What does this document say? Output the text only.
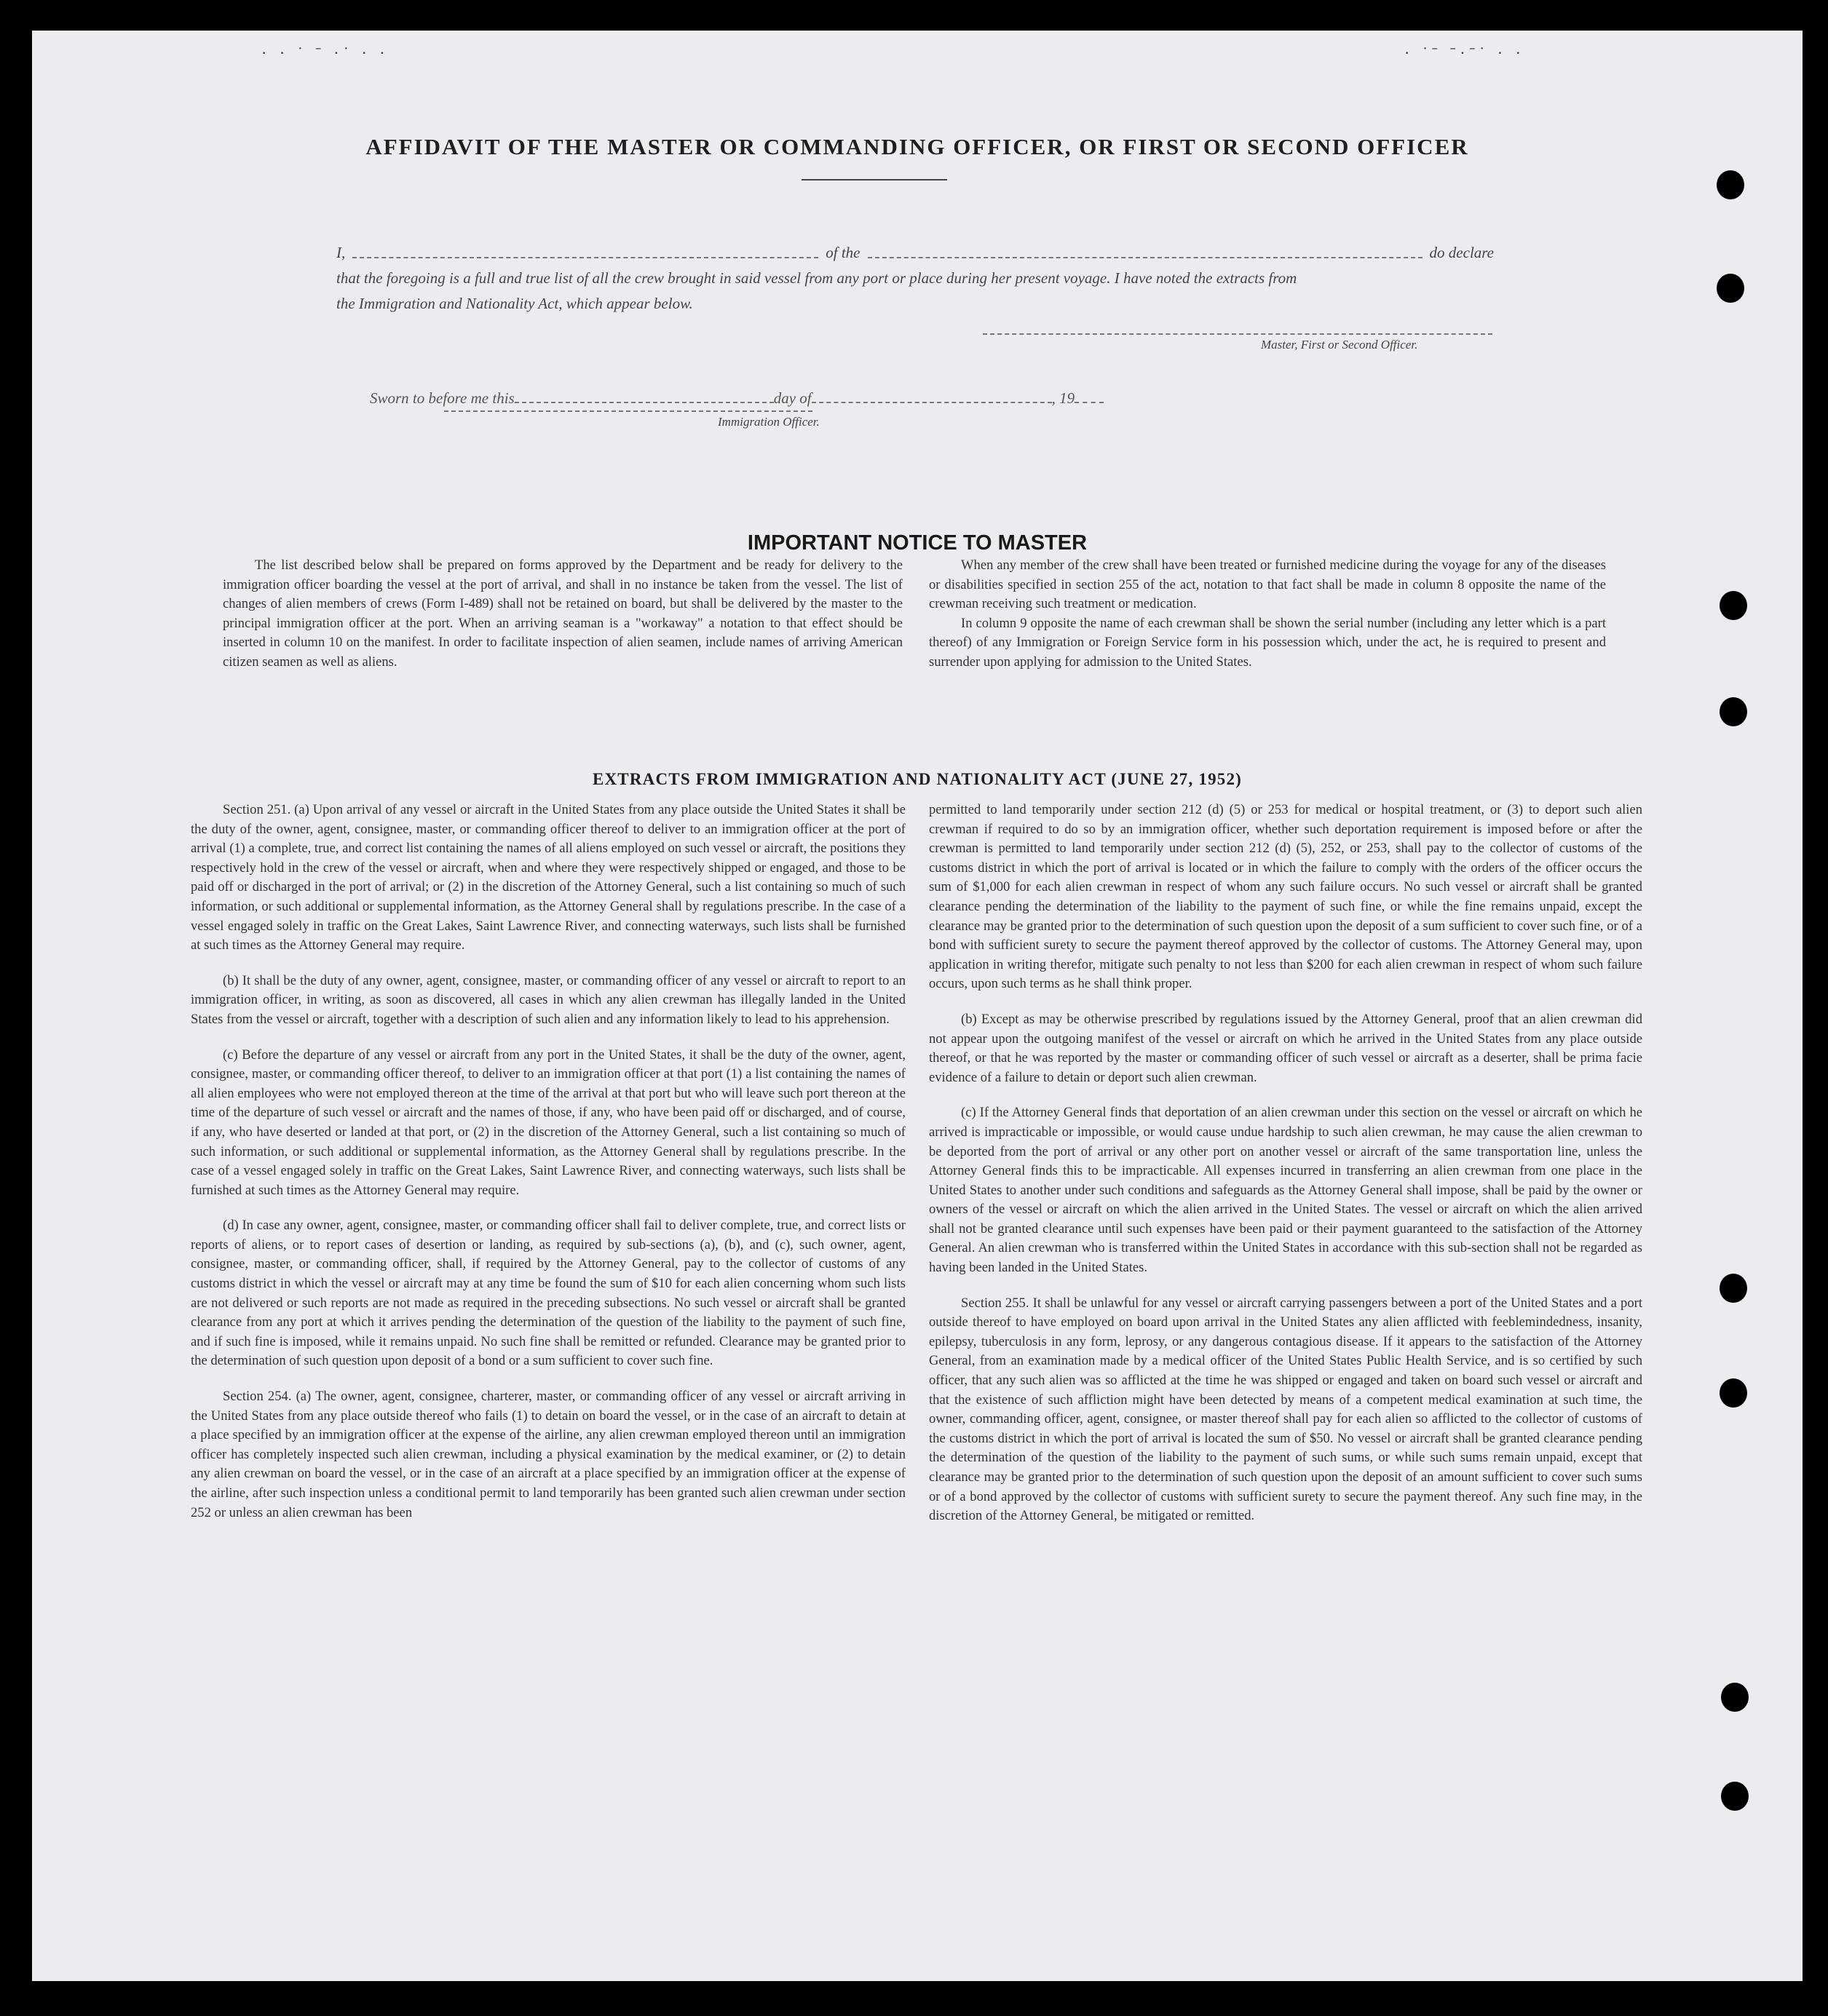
· · ˙ ˉ ·˙ · ·	· ˙ˉ ˉ·ˉ˙ · ·
AFFIDAVIT OF THE MASTER OR COMMANDING OFFICER, OR FIRST OR SECOND OFFICER
I,	of the	do declare
that the foregoing is a full and true list of all the crew brought in said vessel from any port or place during her present voyage. I have noted the extracts from
the Immigration and Nationality Act, which appear below.
Master, First or Second Officer.
Sworn to before me this	day of	, 19
Immigration Officer.
IMPORTANT NOTICE TO MASTER

The list described below shall be prepared on forms approved by the Department and be ready for delivery to the immigration officer boarding the vessel at the port of arrival, and shall in no instance be taken from the vessel. The list of changes of alien members of crews (Form I-489) shall not be retained on board, but shall be delivered by the master to the principal immigration officer at the port. When an arriving seaman is a "workaway" a notation to that effect should be inserted in column 10 on the manifest. In order to facilitate inspection of alien seamen, include names of arriving American citizen seamen as well as aliens.

When any member of the crew shall have been treated or furnished medicine during the voyage for any of the diseases or disabilities specified in section 255 of the act, notation to that fact shall be made in column 8 opposite the name of the crewman receiving such treatment or medication.

In column 9 opposite the name of each crewman shall be shown the serial number (including any letter which is a part thereof) of any Immigration or Foreign Service form in his possession which, under the act, he is required to present and surrender upon applying for admission to the United States.

EXTRACTS FROM IMMIGRATION AND NATIONALITY ACT (JUNE 27, 1952)

Section 251. (a) Upon arrival of any vessel or aircraft in the United States from any place outside the United States it shall be the duty of the owner, agent, consignee, master, or commanding officer thereof to deliver to an immigration officer at the port of arrival (1) a complete, true, and correct list containing the names of all aliens employed on such vessel or aircraft, the positions they respectively hold in the crew of the vessel or aircraft, when and where they were respectively shipped or engaged, and those to be paid off or discharged in the port of arrival; or (2) in the discretion of the Attorney General, such a list containing so much of such information, or such additional or supplemental information, as the Attorney General shall by regulations prescribe. In the case of a vessel engaged solely in traffic on the Great Lakes, Saint Lawrence River, and connecting waterways, such lists shall be furnished at such times as the Attorney General may require.

(b) It shall be the duty of any owner, agent, consignee, master, or commanding officer of any vessel or aircraft to report to an immigration officer, in writing, as soon as discovered, all cases in which any alien crewman has illegally landed in the United States from the vessel or aircraft, together with a description of such alien and any information likely to lead to his apprehension.

(c) Before the departure of any vessel or aircraft from any port in the United States, it shall be the duty of the owner, agent, consignee, master, or commanding officer thereof, to deliver to an immigration officer at that port (1) a list containing the names of all alien employees who were not employed thereon at the time of the arrival at that port but who will leave such port thereon at the time of the departure of such vessel or aircraft and the names of those, if any, who have been paid off or discharged, and of course, if any, who have deserted or landed at that port, or (2) in the discretion of the Attorney General, such a list containing so much of such information, or such additional or supplemental information, as the Attorney General shall by regulations prescribe. In the case of a vessel engaged solely in traffic on the Great Lakes, Saint Lawrence River, and connecting waterways, such lists shall be furnished at such times as the Attorney General may require.

(d) In case any owner, agent, consignee, master, or commanding officer shall fail to deliver complete, true, and correct lists or reports of aliens, or to report cases of desertion or landing, as required by sub-sections (a), (b), and (c), such owner, agent, consignee, master, or commanding officer, shall, if required by the Attorney General, pay to the collector of customs of any customs district in which the vessel or aircraft may at any time be found the sum of $10 for each alien concerning whom such lists are not delivered or such reports are not made as required in the preceding subsections. No such vessel or aircraft shall be granted clearance from any port at which it arrives pending the determination of the question of the liability to the payment of such fine, and if such fine is imposed, while it remains unpaid. No such fine shall be remitted or refunded. Clearance may be granted prior to the determination of such question upon deposit of a bond or a sum sufficient to cover such fine.

Section 254. (a) The owner, agent, consignee, charterer, master, or commanding officer of any vessel or aircraft arriving in the United States from any place outside thereof who fails (1) to detain on board the vessel, or in the case of an aircraft to detain at a place specified by an immigration officer at the expense of the airline, any alien crewman employed thereon until an immigration officer has completely inspected such alien crewman, including a physical examination by the medical examiner, or (2) to detain any alien crewman on board the vessel, or in the case of an aircraft at a place specified by an immigration officer at the expense of the airline, after such inspection unless a conditional permit to land temporarily has been granted such alien crewman under section 252 or unless an alien crewman has been

permitted to land temporarily under section 212 (d) (5) or 253 for medical or hospital treatment, or (3) to deport such alien crewman if required to do so by an immigration officer, whether such deportation requirement is imposed before or after the crewman is permitted to land temporarily under section 212 (d) (5), 252, or 253, shall pay to the collector of customs of the customs district in which the port of arrival is located or in which the failure to comply with the orders of the officer occurs the sum of $1,000 for each alien crewman in respect of whom any such failure occurs. No such vessel or aircraft shall be granted clearance pending the determination of the liability to the payment of such fine, or while the fine remains unpaid, except the clearance may be granted prior to the determination of such question upon the deposit of a sum sufficient to cover such fine, or of a bond with sufficient surety to secure the payment thereof approved by the collector of customs. The Attorney General may, upon application in writing therefor, mitigate such penalty to not less than $200 for each alien crewman in respect of whom such failure occurs, upon such terms as he shall think proper.

(b) Except as may be otherwise prescribed by regulations issued by the Attorney General, proof that an alien crewman did not appear upon the outgoing manifest of the vessel or aircraft on which he arrived in the United States from any place outside thereof, or that he was reported by the master or commanding officer of such vessel or aircraft as a deserter, shall be prima facie evidence of a failure to detain or deport such alien crewman.

(c) If the Attorney General finds that deportation of an alien crewman under this section on the vessel or aircraft on which he arrived is impracticable or impossible, or would cause undue hardship to such alien crewman, he may cause the alien crewman to be deported from the port of arrival or any other port on another vessel or aircraft of the same transportation line, unless the Attorney General finds this to be impracticable. All expenses incurred in transferring an alien crewman from one place in the United States to another under such conditions and safeguards as the Attorney General shall impose, shall be paid by the owner or owners of the vessel or aircraft on which the alien arrived in the United States. The vessel or aircraft on which the alien arrived shall not be granted clearance until such expenses have been paid or their payment guaranteed to the satisfaction of the Attorney General. An alien crewman who is transferred within the United States in accordance with this sub-section shall not be regarded as having been landed in the United States.

Section 255. It shall be unlawful for any vessel or aircraft carrying passengers between a port of the United States and a port outside thereof to have employed on board upon arrival in the United States any alien afflicted with feeblemindedness, insanity, epilepsy, tuberculosis in any form, leprosy, or any dangerous contagious disease. If it appears to the satisfaction of the Attorney General, from an examination made by a medical officer of the United States Public Health Service, and is so certified by such officer, that any such alien was so afflicted at the time he was shipped or engaged and taken on board such vessel or aircraft and that the existence of such affliction might have been detected by means of a competent medical examination at such time, the owner, commanding officer, agent, consignee, or master thereof shall pay for each alien so afflicted to the collector of customs of the customs district in which the port of arrival is located the sum of $50. No vessel or aircraft shall be granted clearance pending the determination of the question of the liability to the payment of such sums, or while such sums remain unpaid, except that clearance may be granted prior to the determination of such question upon the deposit of an amount sufficient to cover such sums or of a bond approved by the collector of customs with sufficient surety to secure the payment thereof. Any such fine may, in the discretion of the Attorney General, be mitigated or remitted.
